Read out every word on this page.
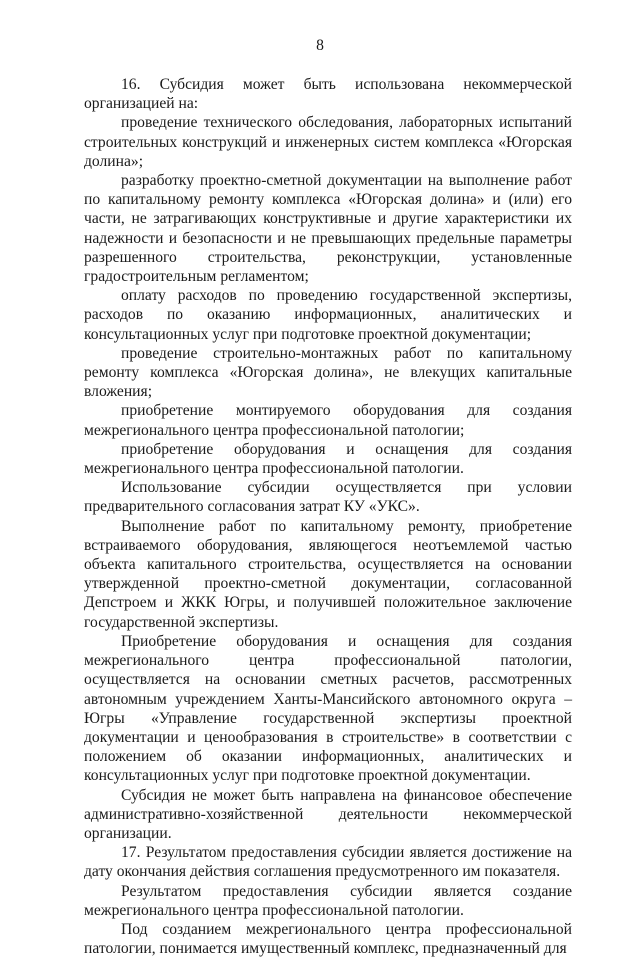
8

16. Субсидия может быть использована некоммерческой организацией на:

проведение технического обследования, лабораторных испытаний строительных конструкций и инженерных систем комплекса «Югорская долина»;

разработку проектно-сметной документации на выполнение работ по капитальному ремонту комплекса «Югорская долина» и (или) его части, не затрагивающих конструктивные и другие характеристики их надежности и безопасности и не превышающих предельные параметры разрешенного строительства, реконструкции, установленные градостроительным регламентом;

оплату расходов по проведению государственной экспертизы, расходов по оказанию информационных, аналитических и консультационных услуг при подготовке проектной документации;

проведение строительно-монтажных работ по капитальному ремонту комплекса «Югорская долина», не влекущих капитальные вложения;

приобретение монтируемого оборудования для создания межрегионального центра профессиональной патологии;

приобретение оборудования и оснащения для создания межрегионального центра профессиональной патологии.

Использование субсидии осуществляется при условии предварительного согласования затрат КУ «УКС».

Выполнение работ по капитальному ремонту, приобретение встраиваемого оборудования, являющегося неотъемлемой частью объекта капитального строительства, осуществляется на основании утвержденной проектно-сметной документации, согласованной Депстроем и ЖКК Югры, и получившей положительное заключение государственной экспертизы.

Приобретение оборудования и оснащения для создания межрегионального центра профессиональной патологии, осуществляется на основании сметных расчетов, рассмотренных автономным учреждением Ханты-Мансийского автономного округа – Югры «Управление государственной экспертизы проектной документации и ценообразования в строительстве» в соответствии с положением об оказании информационных, аналитических и консультационных услуг при подготовке проектной документации.

Субсидия не может быть направлена на финансовое обеспечение административно-хозяйственной деятельности некоммерческой организации.

17. Результатом предоставления субсидии является достижение на дату окончания действия соглашения предусмотренного им показателя.

Результатом предоставления субсидии является создание межрегионального центра профессиональной патологии.

Под созданием межрегионального центра профессиональной патологии, понимается имущественный комплекс, предназначенный для
